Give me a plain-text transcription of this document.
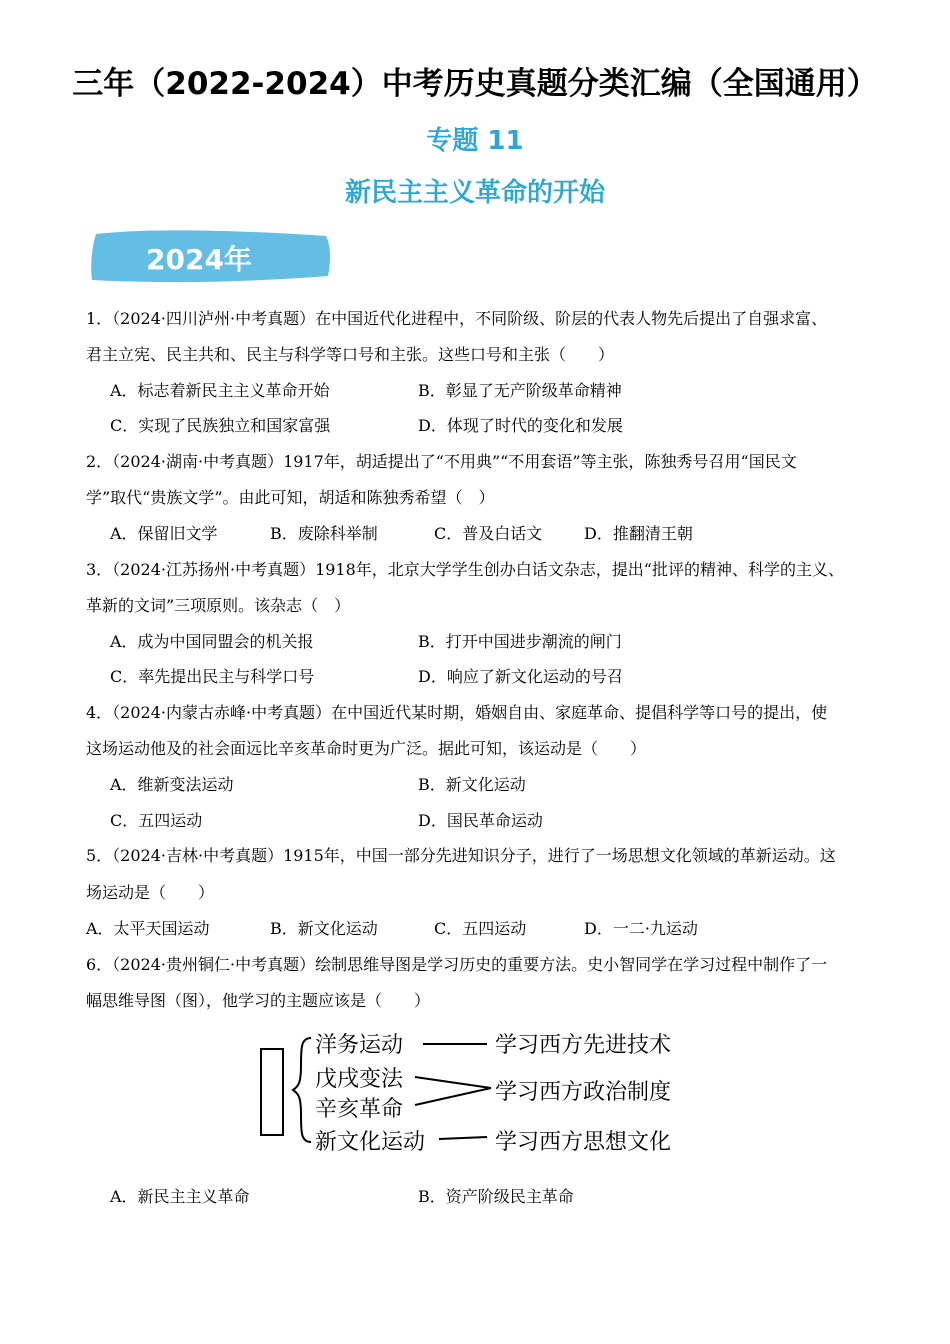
三年（2022-2024）中考历史真题分类汇编（全国通用）
专题 11
新民主主义革命的开始
2024年
1．（2024·四川泸州·中考真题）在中国近代化进程中，不同阶级、阶层的代表人物先后提出了自强求富、
君主立宪、民主共和、民主与科学等口号和主张。这些口号和主张（　　）
A．标志着新民主主义革命开始	B．彰显了无产阶级革命精神
C．实现了民族独立和国家富强	D．体现了时代的变化和发展
2．（2024·湖南·中考真题）1917年，胡适提出了“不用典”“不用套语”等主张，陈独秀号召用“国民文
学”取代“贵族文学”。由此可知，胡适和陈独秀希望（　）
A．保留旧文学	B．废除科举制	C．普及白话文	D．推翻清王朝
3．（2024·江苏扬州·中考真题）1918年，北京大学学生创办白话文杂志，提出“批评的精神、科学的主义、
革新的文词”三项原则。该杂志（　）
A．成为中国同盟会的机关报	B．打开中国进步潮流的闸门
C．率先提出民主与科学口号	D．响应了新文化运动的号召
4．（2024·内蒙古赤峰·中考真题）在中国近代某时期，婚姻自由、家庭革命、提倡科学等口号的提出，使
这场运动他及的社会面远比辛亥革命时更为广泛。据此可知，该运动是（　　）
A．维新变法运动	B．新文化运动
C．五四运动	D．国民革命运动
5．（2024·吉林·中考真题）1915年，中国一部分先进知识分子，进行了一场思想文化领域的革新运动。这
场运动是（　　）
A．太平天国运动	B．新文化运动	C．五四运动	D．一二·九运动
6．（2024·贵州铜仁·中考真题）绘制思维导图是学习历史的重要方法。史小智同学在学习过程中制作了一
幅思维导图（图），他学习的主题应该是（　　）
洋务运动
戊戌变法
辛亥革命
新文化运动
学习西方先进技术
学习西方政治制度
学习西方思想文化
A．新民主主义革命	B．资产阶级民主革命
